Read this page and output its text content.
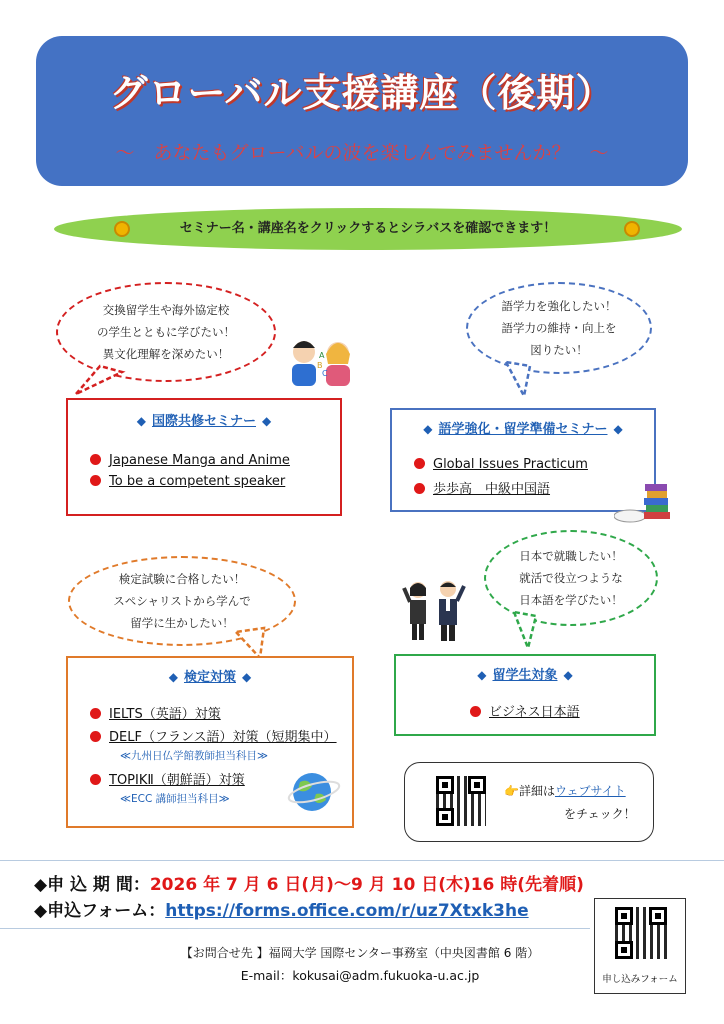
グローバル支援講座（後期）
～　あなたもグローバルの波を楽しんでみませんか？　～
セミナー名・講座名をクリックするとシラバスを確認できます！
交換留学生や海外協定校
の学生とともに学びたい！
異文化理解を深めたい！	A
B
C
◆ 国際共修セミナー ◆
Japanese Manga and Anime
To be a competent speaker
語学力を強化したい！
語学力の維持・向上を
図りたい！
◆ 語学強化・留学準備セミナー ◆
Global Issues Practicum
歩歩高　中級中国語
検定試験に合格したい！
スペシャリストから学んで
留学に生かしたい！
◆ 検定対策 ◆
IELTS（英語）対策
DELF（フランス語）対策（短期集中）
≪九州日仏学館教師担当科目≫
TOPIKⅡ（朝鮮語）対策
≪ECC 講師担当科目≫
日本で就職したい！
就活で役立つような
日本語を学びたい！
◆ 留学生対象 ◆
ビジネス日本語
👉詳細はウェブサイト
をチェック！
◆申 込 期 間：2026 年 7 月 6 日(月)～9 月 10 日(木)16 時(先着順)
◆申込フォーム：https://forms.office.com/r/uz7Xtxk3he
【お問合せ先 】福岡大学 国際センター事務室（中央図書館 6 階）
E-mail：kokusai@adm.fukuoka-u.ac.jp	申し込みフォーム
